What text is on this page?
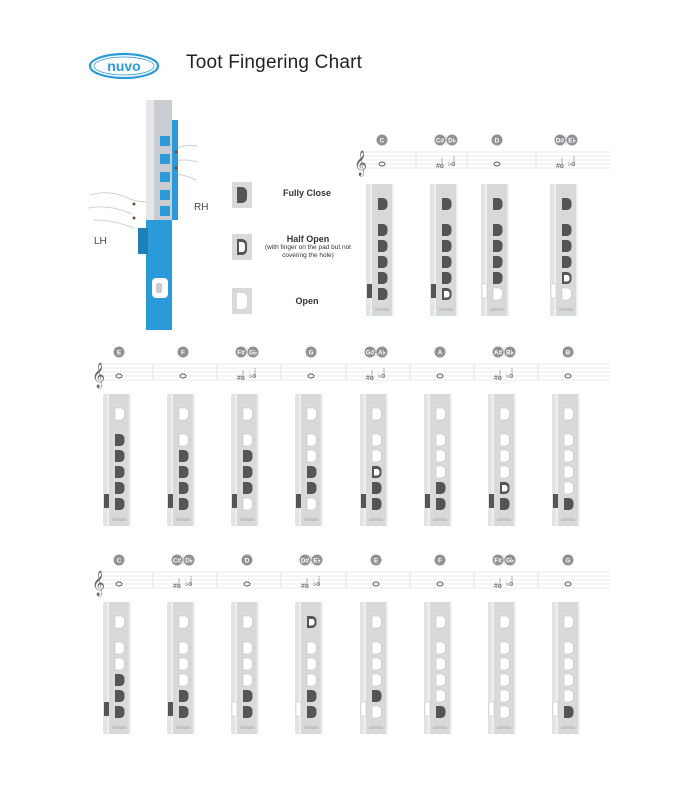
nuvo Toot Fingering Chart
RH
LH
Fully Close
Half Open
(with finger on the pad but not covering the hole)
Open
𝄞
C	C# D♭
#o ♭o
D	D# E♭
#o ♭o
𝄞
E	F	F# G♭
#o ♭o
G	G# A♭
#o ♭o
A	A# B♭
#o ♭o
B
𝄞
C	C# D♭
#o ♭o
D	D# E♭
#o ♭o
E	F	F# G♭
#o ♭o
G
